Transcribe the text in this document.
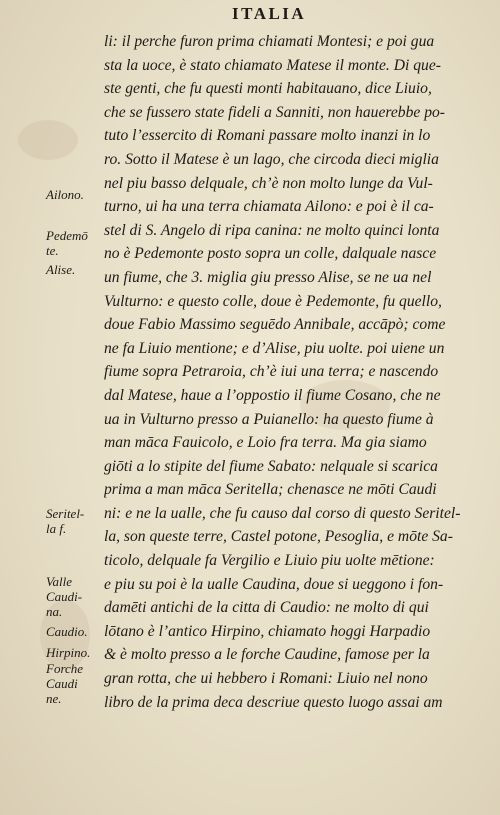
ITALIA
li: il perche furon prima chiamati Montesi; e poi gua
sta la uoce, è stato chiamato Matese il monte. Di que-
ste genti, che fu questi monti habitauano, dice Liuio,
che se fussero state fideli a Sanniti, non hauerebbe po-
tuto l’essercito di Romani passare molto inanzi in lo
ro. Sotto il Matese è un lago, che circoda dieci miglia
nel piu basso delquale, ch’è non molto lunge da Vul-
turno, ui ha una terra chiamata Ailono: e poi è il ca-
stel di S. Angelo di ripa canina: ne molto quinci lonta
no è Pedemonte posto sopra un colle, dalquale nasce
un fiume, che 3. miglia giu presso Alise, se ne ua nel
Vulturno: e questo colle, doue è Pedemonte, fu quello,
doue Fabio Massimo seguēdo Annibale, accāpò; come
ne fa Liuio mentione; e d’Alise, piu uolte. poi uiene un
fiume sopra Petraroia, ch’è iui una terra; e nascendo
dal Matese, haue a l’oppostio il fiume Cosano, che ne
ua in Vulturno presso a Puianello: ha questo fiume à
man māca Fauicolo, e Loio fra terra. Ma gia siamo
giōti a lo stipite del fiume Sabato: nelquale si scarica
prima a man māca Seritella; chenasce ne mōti Caudi
ni: e ne la ualle, che fu causo dal corso di questo Seritel-
la, son queste terre, Castel potone, Pesoglia, e mōte Sa-
ticolo, delquale fa Vergilio e Liuio piu uolte mētione:
e piu su poi è la ualle Caudina, doue si ueggono i fon-
damēti antichi de la citta di Caudio: ne molto di qui
lōtano è l’antico Hirpino, chiamato hoggi Harpadio
& è molto presso a le forche Caudine, famose per la
gran rotta, che ui hebbero i Romani: Liuio nel nono
libro de la prima deca descriue questo luogo assai am
Ailono.
Pedemō
te.
Alise.
Seritel-
la f.
Valle
Caudi-
na.
Caudio.
Hirpino.
Forche
Caudi
ne.
